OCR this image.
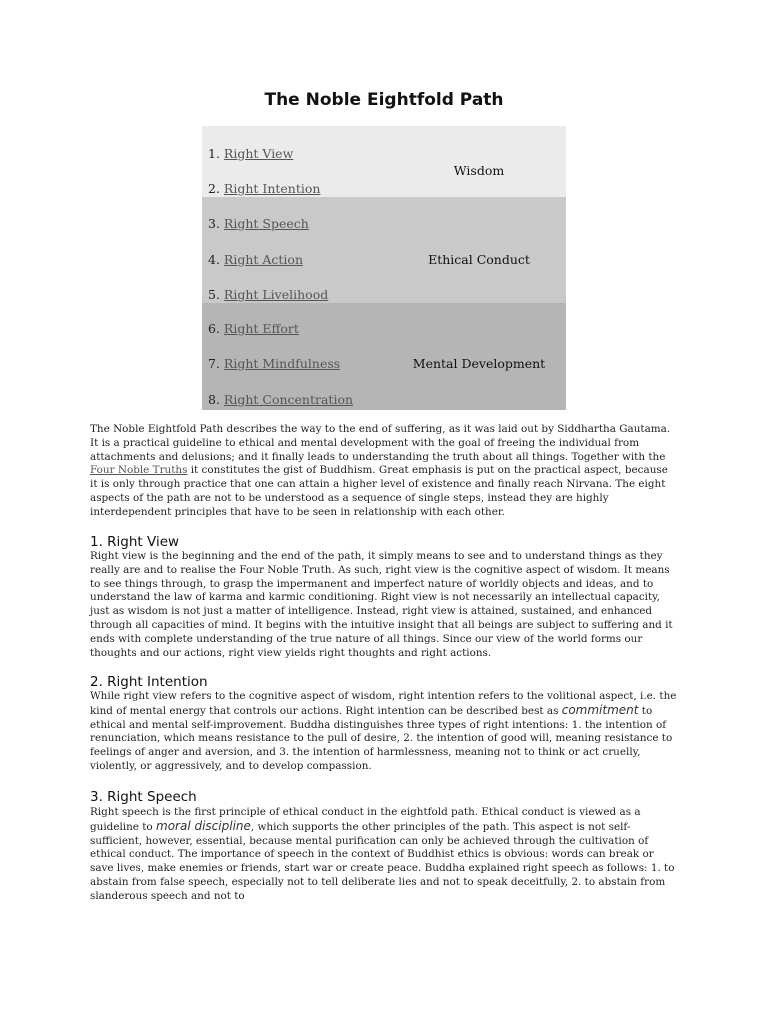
The Noble Eightfold Path
1. Right View
2. Right Intention
Wisdom
3. Right Speech
4. Right Action
5. Right Livelihood
Ethical Conduct
6. Right Effort
7. Right Mindfulness
8. Right Concentration
Mental Development

The Noble Eightfold Path describes the way to the end of suffering, as it was laid out by Siddhartha Gautama. It is a practical guideline to ethical and mental development with the goal of freeing the individual from attachments and delusions; and it finally leads to understanding the truth about all things. Together with the Four Noble Truths it constitutes the gist of Buddhism. Great emphasis is put on the practical aspect, because it is only through practice that one can attain a higher level of existence and finally reach Nirvana. The eight aspects of the path are not to be understood as a sequence of single steps, instead they are highly interdependent principles that have to be seen in relationship with each other.

1. Right View

Right view is the beginning and the end of the path, it simply means to see and to understand things as they really are and to realise the Four Noble Truth. As such, right view is the cognitive aspect of wisdom. It means to see things through, to grasp the impermanent and imperfect nature of worldly objects and ideas, and to understand the law of karma and karmic conditioning. Right view is not necessarily an intellectual capacity, just as wisdom is not just a matter of intelligence. Instead, right view is attained, sustained, and enhanced through all capacities of mind. It begins with the intuitive insight that all beings are subject to suffering and it ends with complete understanding of the true nature of all things. Since our view of the world forms our thoughts and our actions, right view yields right thoughts and right actions.

2. Right Intention

While right view refers to the cognitive aspect of wisdom, right intention refers to the volitional aspect, i.e. the kind of mental energy that controls our actions. Right intention can be described best as commitment to ethical and mental self-improvement. Buddha distinguishes three types of right intentions: 1. the intention of renunciation, which means resistance to the pull of desire, 2. the intention of good will, meaning resistance to feelings of anger and aversion, and 3. the intention of harmlessness, meaning not to think or act cruelly, violently, or aggressively, and to develop compassion.

3. Right Speech

Right speech is the first principle of ethical conduct in the eightfold path. Ethical conduct is viewed as a guideline to moral discipline, which supports the other principles of the path. This aspect is not self-sufficient, however, essential, because mental purification can only be achieved through the cultivation of ethical conduct. The importance of speech in the context of Buddhist ethics is obvious: words can break or save lives, make enemies or friends, start war or create peace. Buddha explained right speech as follows: 1. to abstain from false speech, especially not to tell deliberate lies and not to speak deceitfully, 2. to abstain from slanderous speech and not to
